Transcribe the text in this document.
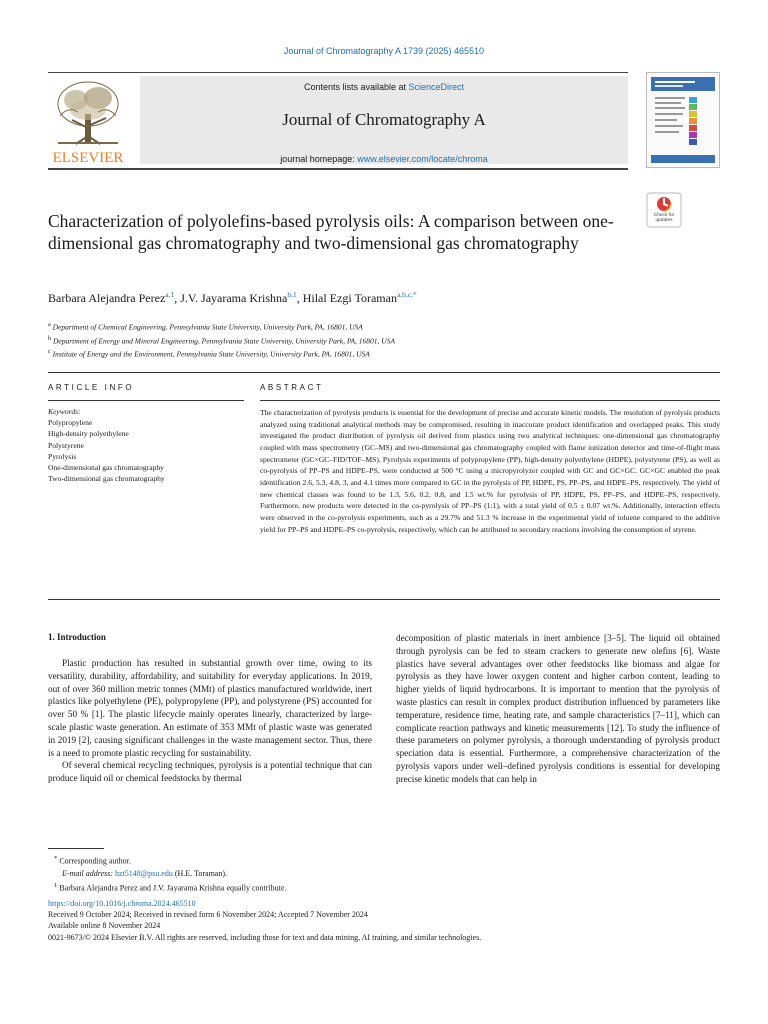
Journal of Chromatography A 1739 (2025) 465510
ELSEVIER
Contents lists available at ScienceDirect
Journal of Chromatography A
journal homepage: www.elsevier.com/locate/chroma
Characterization of polyolefins-based pyrolysis oils: A comparison between one-dimensional gas chromatography and two-dimensional gas chromatography
Check for updates
Barbara Alejandra Perez$^{a,1}$, J.V. Jayarama Krishna$^{b,1}$, Hilal Ezgi Toraman$^{a,b,c,*}$
$^a$ Department of Chemical Engineering, Pennsylvania State University, University Park, PA, 16801, USA
$^b$ Department of Energy and Mineral Engineering, Pennsylvania State University, University Park, PA, 16801, USA
$^c$ Institute of Energy and the Environment, Pennsylvania State University, University Park, PA, 16801, USA
ARTICLE INFO	ABSTRACT
Keywords:
Polypropylene
High-density polyethylene
Polystyrene
Pyrolysis
One-dimensional gas chromatography
Two-dimensional gas chromatography
The characterization of pyrolysis products is essential for the development of precise and accurate kinetic models. The resolution of pyrolysis products analyzed using traditional analytical methods may be compromised, resulting in inaccurate product identification and overlapped peaks. This study investigated the product distribution of pyrolysis oil derived from plastics using two analytical techniques: one-dimensional gas chromatography coupled with mass spectrometry (GC–MS) and two-dimensional gas chromatography coupled with flame ionization detector and time-of-flight mass spectrometer (GC×GC–FID/TOF–MS). Pyrolysis experiments of polypropylene (PP), high-density polyethylene (HDPE), polystyrene (PS), as well as co-pyrolysis of PP–PS and HDPE–PS, were conducted at 500 °C using a micropyrolyzer coupled with GC and GC×GC. GC×GC enabled the peak identification 2.6, 5.3, 4.8, 3, and 4.1 times more compared to GC in the pyrolysis of PP, HDPE, PS, PP–PS, and HDPE–PS, respectively. The yield of new chemical classes was found to be 1.3, 5.6, 0.2, 0.8, and 1.5 wt.% for pyrolysis of PP, HDPE, PS, PP–PS, and HDPE–PS, respectively. Furthermore, new products were detected in the co-pyrolysis of PP–PS (1:1), with a total yield of 0.5 ± 0.07 wt.%. Additionally, interaction effects were observed in the co-pyrolysis experiments, such as a 29.7% and 51.3 % increase in the experimental yield of toluene compared to the additive yield for PP–PS and HDPE–PS co-pyrolysis, respectively, which can be attributed to secondary reactions involving the consumption of styrene.
1. Introduction

Plastic production has resulted in substantial growth over time, owing to its versatility, durability, affordability, and suitability for everyday applications. In 2019, out of over 360 million metric tonnes (MMt) of plastics manufactured worldwide, inert plastics like polyethylene (PE), polypropylene (PP), and polystyrene (PS) accounted for over 50 % [1]. The plastic lifecycle mainly operates linearly, characterized by large-scale plastic waste generation. An estimate of 353 MMt of plastic waste was generated in 2019 [2], causing significant challenges in the waste management sector. Thus, there is a need to promote plastic recycling for sustainability.

Of several chemical recycling techniques, pyrolysis is a potential technique that can produce liquid oil or chemical feedstocks by thermal

decomposition of plastic materials in inert ambience [3–5]. The liquid oil obtained through pyrolysis can be fed to steam crackers to generate new olefins [6]. Waste plastics have several advantages over other feedstocks like biomass and algae for pyrolysis as they have lower oxygen content and higher carbon content, leading to higher yields of liquid hydrocarbons. It is important to mention that the pyrolysis of waste plastics can result in complex product distribution influenced by parameters like temperature, residence time, heating rate, and sample characteristics [7–11], which can complicate reaction pathways and kinetic measurements [12]. To study the influence of these parameters on polymer pyrolysis, a thorough understanding of pyrolysis product speciation data is essential. Furthermore, a comprehensive characterization of the pyrolysis vapors under well–defined pyrolysis conditions is essential for developing precise kinetic models that can help in

* Corresponding author.
E-mail address: hzt5148@psu.edu (H.E. Toraman).
$^1$ Barbara Alejandra Perez and J.V. Jayarama Krishna equally contribute.
https://doi.org/10.1016/j.chroma.2024.465510
Received 9 October 2024; Received in revised form 6 November 2024; Accepted 7 November 2024
Available online 8 November 2024
0021-9673/© 2024 Elsevier B.V. All rights are reserved, including those for text and data mining, AI training, and similar technologies.
